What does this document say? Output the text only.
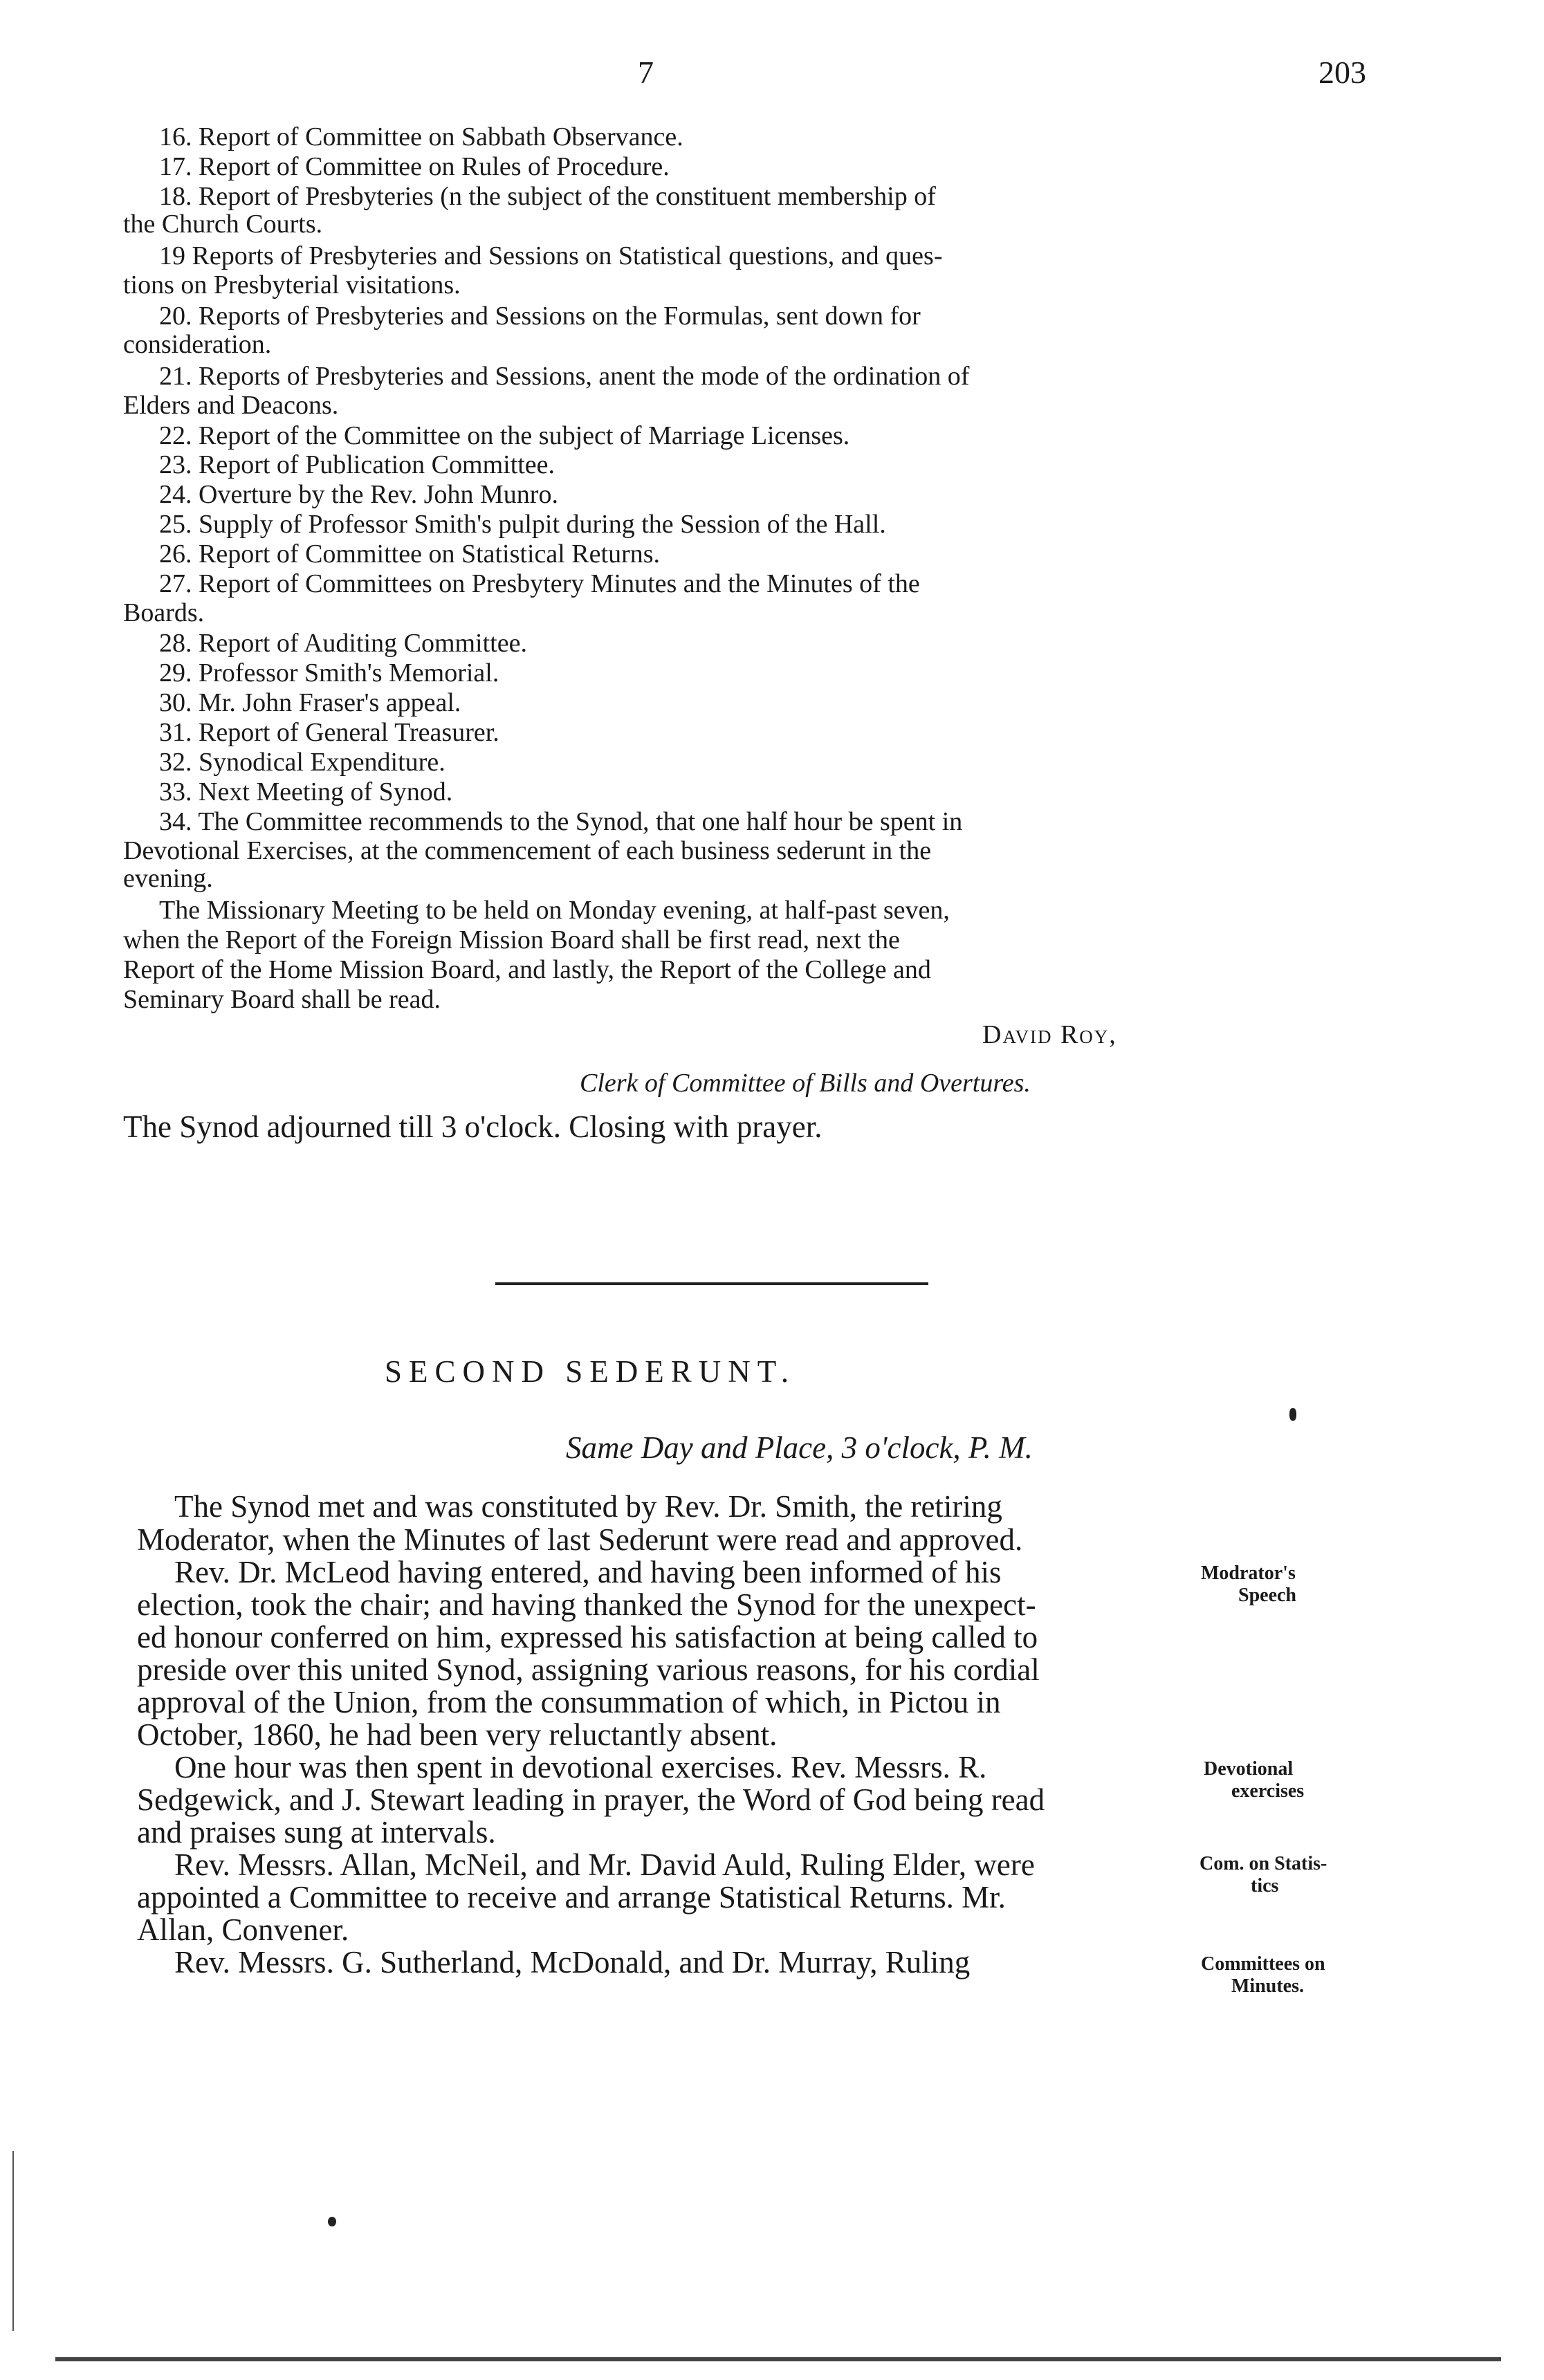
7	203
16. Report of Committee on Sabbath Observance.
17. Report of Committee on Rules of Procedure.
18. Report of Presbyteries (n the subject of the constituent membership of
the Church Courts.
19 Reports of Presbyteries and Sessions on Statistical questions, and ques-
tions on Presbyterial visitations.
20. Reports of Presbyteries and Sessions on the Formulas, sent down for
consideration.
21. Reports of Presbyteries and Sessions, anent the mode of the ordination of
Elders and Deacons.
22. Report of the Committee on the subject of Marriage Licenses.
23. Report of Publication Committee.
24. Overture by the Rev. John Munro.
25. Supply of Professor Smith's pulpit during the Session of the Hall.
26. Report of Committee on Statistical Returns.
27. Report of Committees on Presbytery Minutes and the Minutes of the
Boards.
28. Report of Auditing Committee.
29. Professor Smith's Memorial.
30. Mr. John Fraser's appeal.
31. Report of General Treasurer.
32. Synodical Expenditure.
33. Next Meeting of Synod.
34. The Committee recommends to the Synod, that one half hour be spent in
Devotional Exercises, at the commencement of each business sederunt in the
evening.
The Missionary Meeting to be held on Monday evening, at half-past seven,
when the Report of the Foreign Mission Board shall be first read, next the
Report of the Home Mission Board, and lastly, the Report of the College and
Seminary Board shall be read.
David Roy,
Clerk of Committee of Bills and Overtures.
The Synod adjourned till 3 o'clock. Closing with prayer.
SECOND SEDERUNT.
Same Day and Place, 3 o'clock, P. M.
The Synod met and was constituted by Rev. Dr. Smith, the retiring
Moderator, when the Minutes of last Sederunt were read and approved.
Rev. Dr. McLeod having entered, and having been informed of his
election, took the chair; and having thanked the Synod for the unexpect-
ed honour conferred on him, expressed his satisfaction at being called to
preside over this united Synod, assigning various reasons, for his cordial
approval of the Union, from the consummation of which, in Pictou in
October, 1860, he had been very reluctantly absent.
One hour was then spent in devotional exercises. Rev. Messrs. R.
Sedgewick, and J. Stewart leading in prayer, the Word of God being read
and praises sung at intervals.
Rev. Messrs. Allan, McNeil, and Mr. David Auld, Ruling Elder, were
appointed a Committee to receive and arrange Statistical Returns. Mr.
Allan, Convener.
Rev. Messrs. G. Sutherland, McDonald, and Dr. Murray, Ruling
Modrator's
Speech
Devotional
exercises
Com. on Statis-
tics
Committees on
Minutes.
